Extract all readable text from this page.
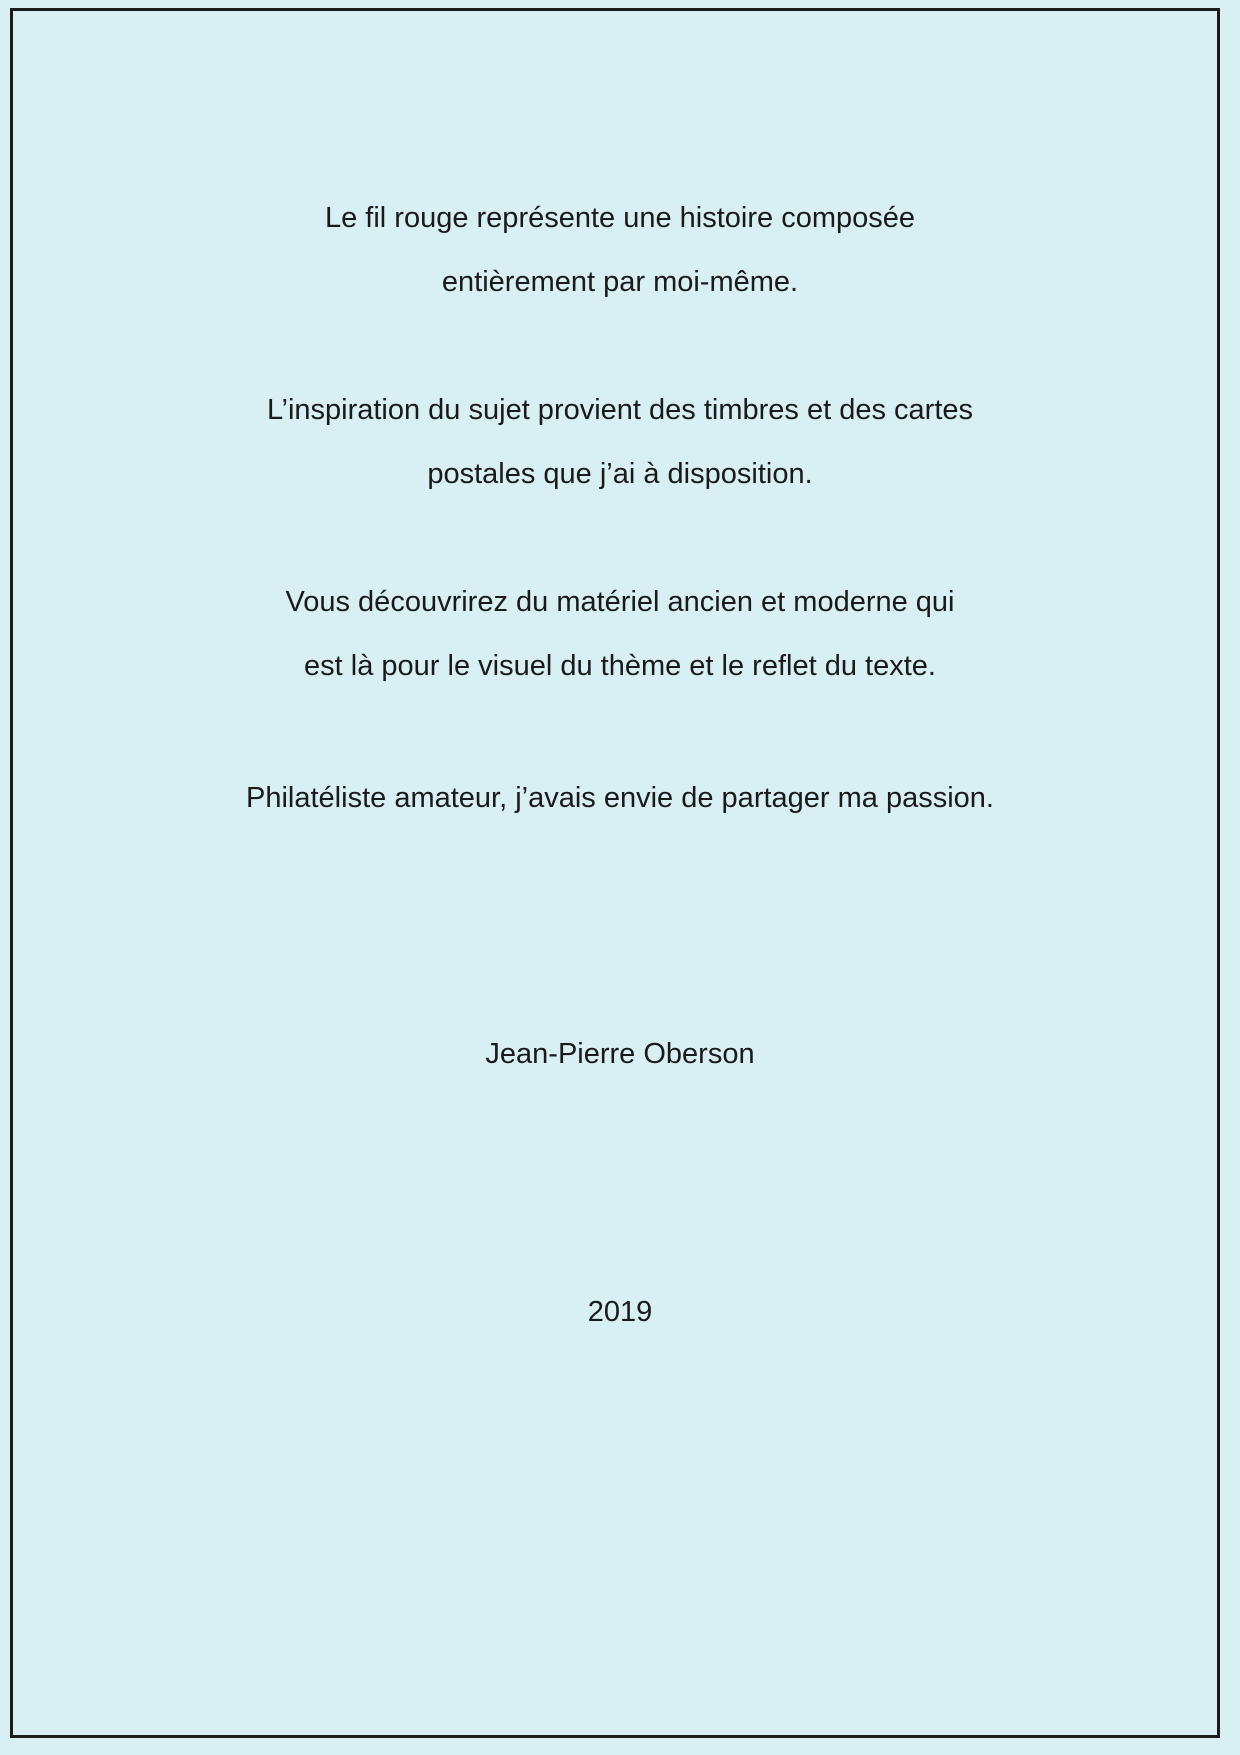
Le fil rouge représente une histoire composée
entièrement par moi-même.
L’inspiration du sujet provient des timbres et des cartes
postales que j’ai à disposition.
Vous découvrirez du matériel ancien et moderne qui
est là pour le visuel du thème et le reflet du texte.
Philatéliste amateur, j’avais envie de partager ma passion.
Jean-Pierre Oberson
2019
